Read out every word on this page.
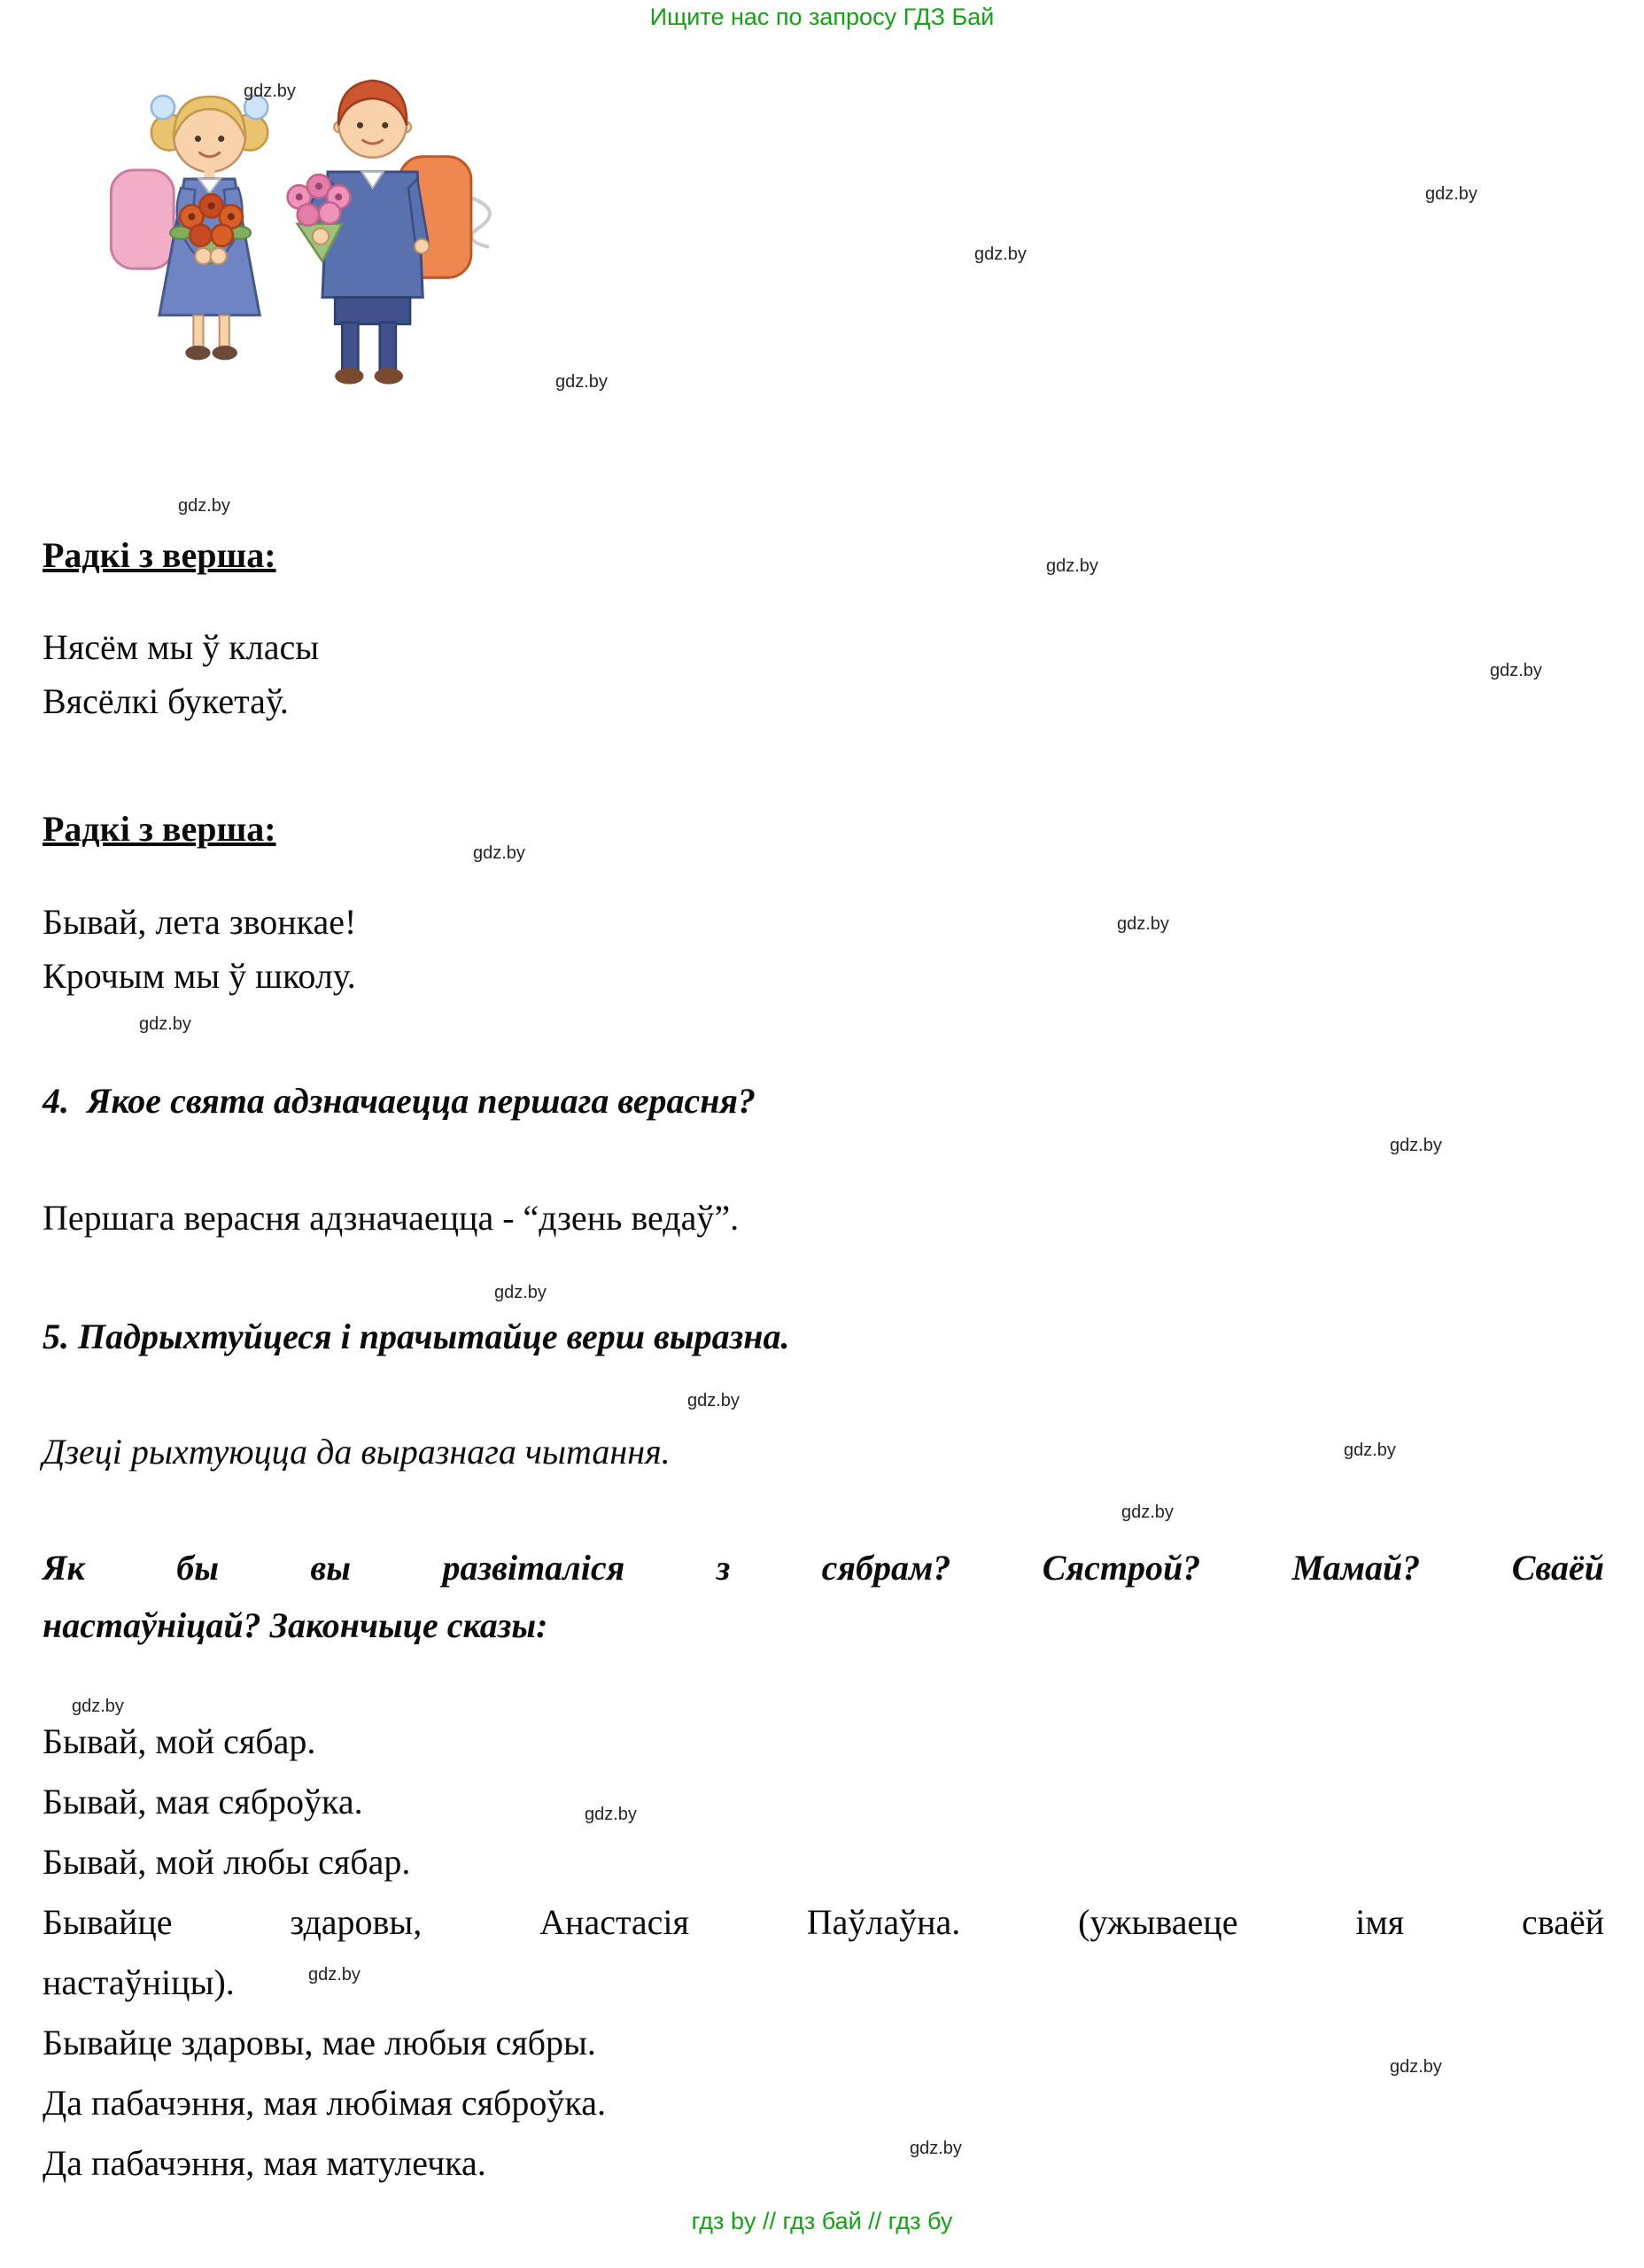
Ищите нас по запросу ГДЗ Бай
gdz.by
gdz.by
gdz.by
gdz.by
gdz.by
gdz.by
gdz.by
gdz.by
gdz.by
gdz.by
gdz.by
gdz.by
gdz.by
gdz.by
gdz.by
gdz.by
gdz.by
gdz.by
gdz.by
gdz.by
Радкі з верша:
Нясём мы ў класы
Вясёлкі букетаў.
Радкі з верша:
Бывай, лета звонкае!
Крочым мы ў школу.
4.  Якое свята адзначаецца першага верасня?
Першага верасня адзначаецца - “дзень ведаў”.
5. Падрыхтуйцеся і прачытайце верш выразна.
Дзеці рыхтуюцца да выразнага чытання.
Як бы вы развіталіся з сябрам? Сястрой? Мамай? Сваёй
настаўніцай? Закончыце сказы:
Бывай, мой сябар.
Бывай, мая сяброўка.
Бывай, мой любы сябар.
Бывайце здаровы, Анастасія Паўлаўна. (ужываеце імя сваёй
настаўніцы).
Бывайце здаровы, мае любыя сябры.
Да пабачэння, мая любімая сяброўка.
Да пабачэння, мая матулечка.
гдз by // гдз бай // гдз бу
